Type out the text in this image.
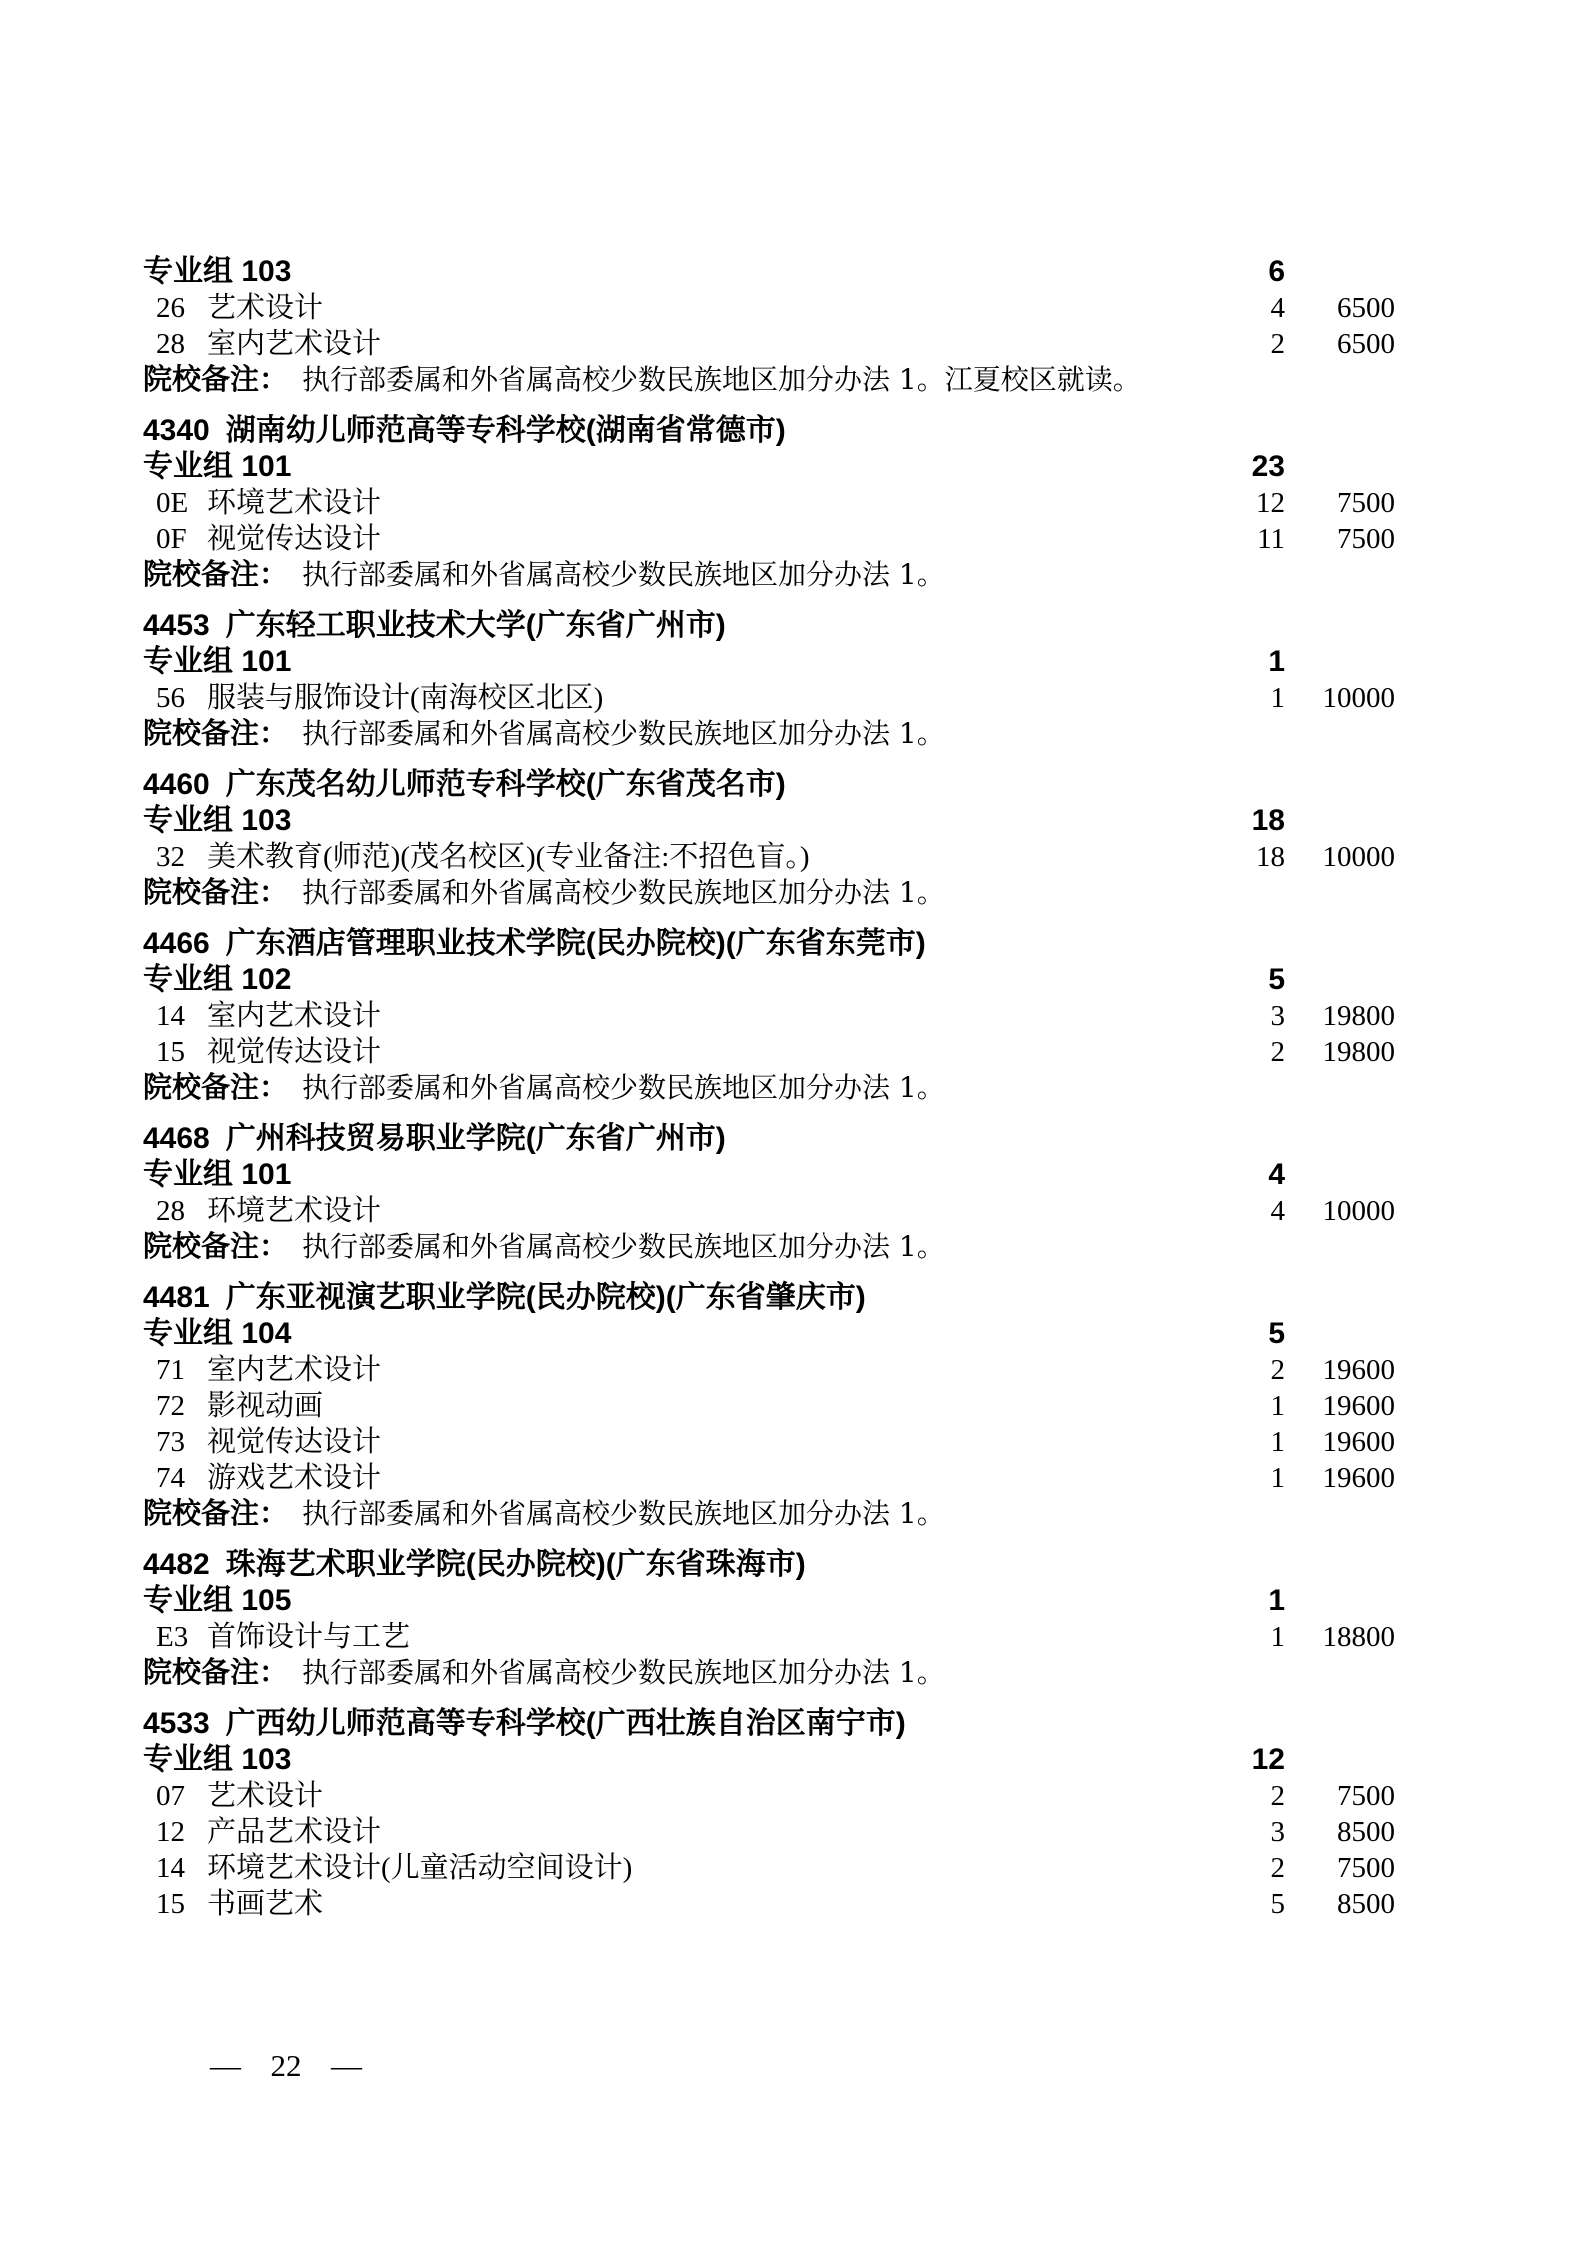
专业组 103	6
26 艺术设计	4	6500
28 室内艺术设计	2	6500
院校备注： 执行部委属和外省属高校少数民族地区加分办法 1。江夏校区就读。
4340 湖南幼儿师范高等专科学校(湖南省常德市)
专业组 101	23
0E 环境艺术设计	12	7500
0F 视觉传达设计	11	7500
院校备注： 执行部委属和外省属高校少数民族地区加分办法 1。
4453 广东轻工职业技术大学(广东省广州市)
专业组 101	1
56 服装与服饰设计(南海校区北区)	1	10000
院校备注： 执行部委属和外省属高校少数民族地区加分办法 1。
4460 广东茂名幼儿师范专科学校(广东省茂名市)
专业组 103	18
32 美术教育(师范)(茂名校区)(专业备注:不招色盲。)	18	10000
院校备注： 执行部委属和外省属高校少数民族地区加分办法 1。
4466 广东酒店管理职业技术学院(民办院校)(广东省东莞市)
专业组 102	5
14 室内艺术设计	3	19800
15 视觉传达设计	2	19800
院校备注： 执行部委属和外省属高校少数民族地区加分办法 1。
4468 广州科技贸易职业学院(广东省广州市)
专业组 101	4
28 环境艺术设计	4	10000
院校备注： 执行部委属和外省属高校少数民族地区加分办法 1。
4481 广东亚视演艺职业学院(民办院校)(广东省肇庆市)
专业组 104	5
71 室内艺术设计	2	19600
72 影视动画	1	19600
73 视觉传达设计	1	19600
74 游戏艺术设计	1	19600
院校备注： 执行部委属和外省属高校少数民族地区加分办法 1。
4482 珠海艺术职业学院(民办院校)(广东省珠海市)
专业组 105	1
E3 首饰设计与工艺	1	18800
院校备注： 执行部委属和外省属高校少数民族地区加分办法 1。
4533 广西幼儿师范高等专科学校(广西壮族自治区南宁市)
专业组 103	12
07 艺术设计	2	7500
12 产品艺术设计	3	8500
14 环境艺术设计(儿童活动空间设计)	2	7500
15 书画艺术	5	8500
— 22 —
